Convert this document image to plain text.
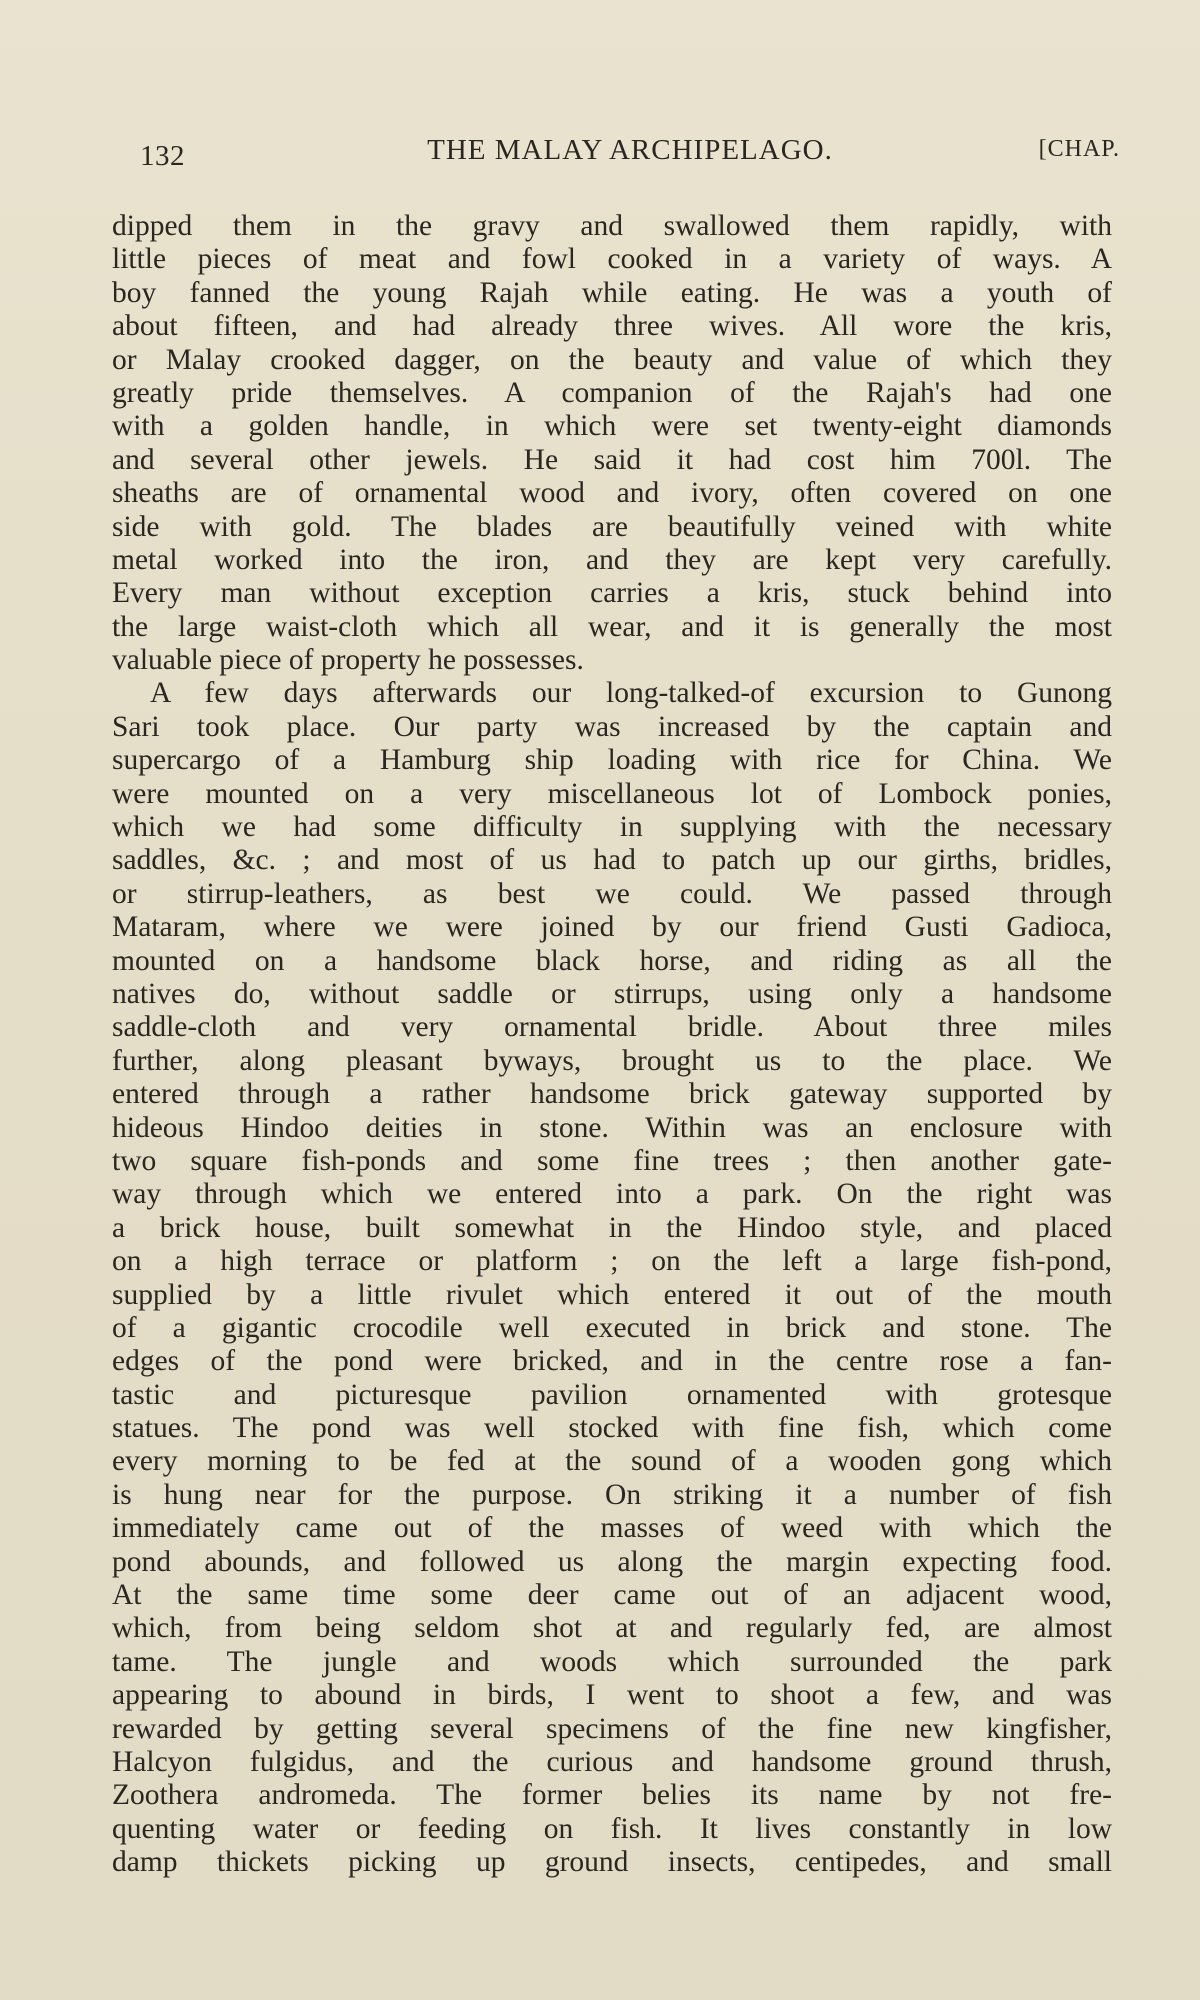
132	THE MALAY ARCHIPELAGO.	[CHAP.
dipped them in the gravy and swallowed them rapidly, with
little pieces of meat and fowl cooked in a variety of ways. A
boy fanned the young Rajah while eating. He was a youth of
about fifteen, and had already three wives. All wore the kris,
or Malay crooked dagger, on the beauty and value of which they
greatly pride themselves. A companion of the Rajah's had one
with a golden handle, in which were set twenty-eight diamonds
and several other jewels. He said it had cost him 700l. The
sheaths are of ornamental wood and ivory, often covered on one
side with gold. The blades are beautifully veined with white
metal worked into the iron, and they are kept very carefully.
Every man without exception carries a kris, stuck behind into
the large waist-cloth which all wear, and it is generally the most
valuable piece of property he possesses.
A few days afterwards our long-talked-of excursion to Gunong
Sari took place. Our party was increased by the captain and
supercargo of a Hamburg ship loading with rice for China. We
were mounted on a very miscellaneous lot of Lombock ponies,
which we had some difficulty in supplying with the necessary
saddles, &c. ; and most of us had to patch up our girths, bridles,
or stirrup-leathers, as best we could. We passed through
Mataram, where we were joined by our friend Gusti Gadioca,
mounted on a handsome black horse, and riding as all the
natives do, without saddle or stirrups, using only a handsome
saddle-cloth and very ornamental bridle. About three miles
further, along pleasant byways, brought us to the place. We
entered through a rather handsome brick gateway supported by
hideous Hindoo deities in stone. Within was an enclosure with
two square fish-ponds and some fine trees ; then another gate-
way through which we entered into a park. On the right was
a brick house, built somewhat in the Hindoo style, and placed
on a high terrace or platform ; on the left a large fish-pond,
supplied by a little rivulet which entered it out of the mouth
of a gigantic crocodile well executed in brick and stone. The
edges of the pond were bricked, and in the centre rose a fan-
tastic and picturesque pavilion ornamented with grotesque
statues. The pond was well stocked with fine fish, which come
every morning to be fed at the sound of a wooden gong which
is hung near for the purpose. On striking it a number of fish
immediately came out of the masses of weed with which the
pond abounds, and followed us along the margin expecting food.
At the same time some deer came out of an adjacent wood,
which, from being seldom shot at and regularly fed, are almost
tame. The jungle and woods which surrounded the park
appearing to abound in birds, I went to shoot a few, and was
rewarded by getting several specimens of the fine new kingfisher,
Halcyon fulgidus, and the curious and handsome ground thrush,
Zoothera andromeda. The former belies its name by not fre-
quenting water or feeding on fish. It lives constantly in low
damp thickets picking up ground insects, centipedes, and small
